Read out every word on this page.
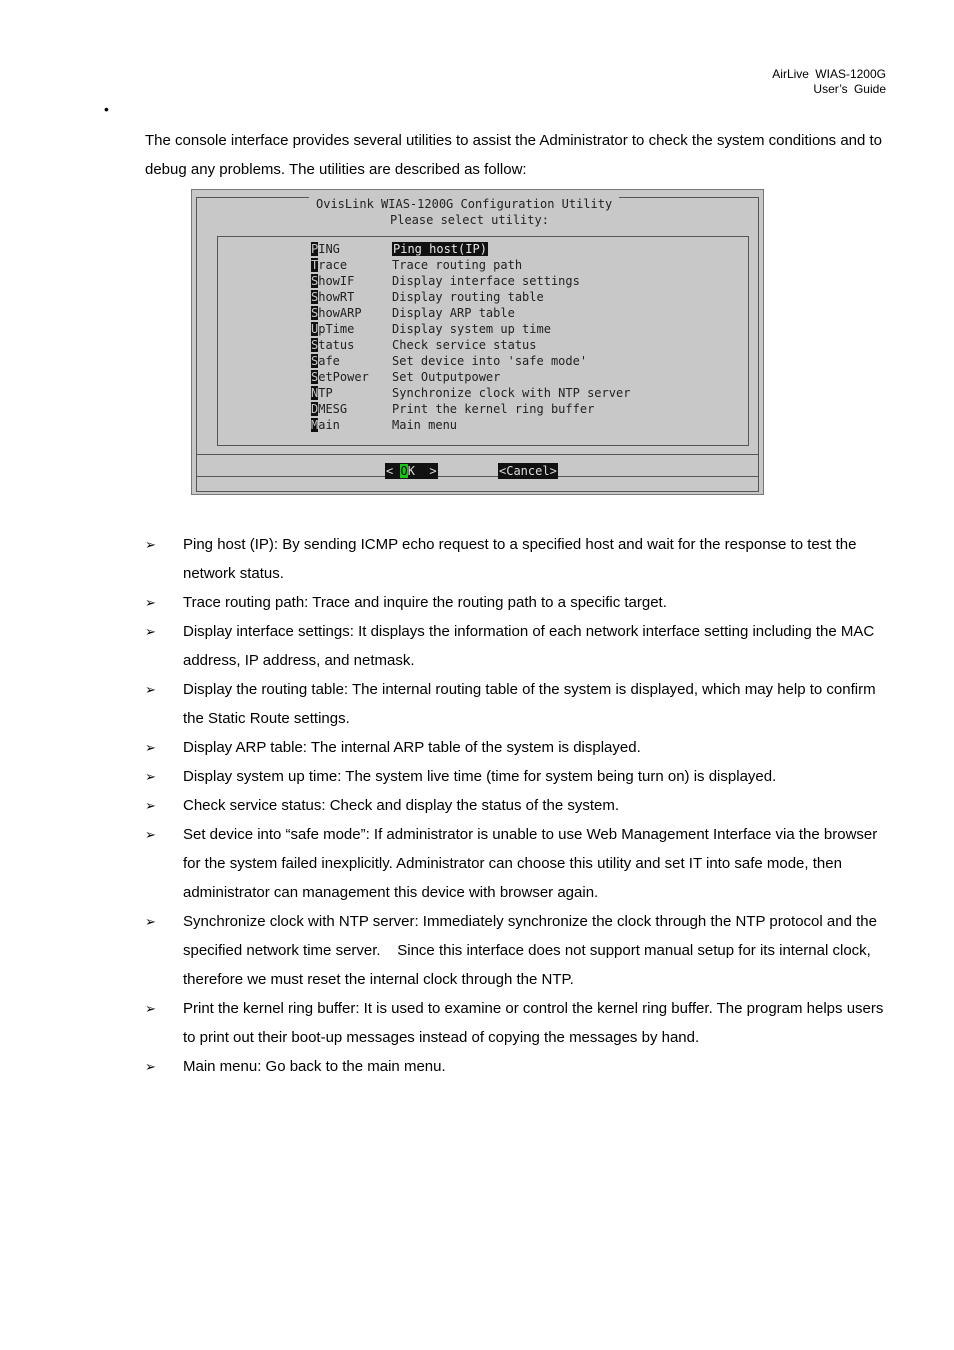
AirLive WIAS-1200G
User’s Guide
•

The console interface provides several utilities to assist the Administrator to check the system conditions and to debug any problems. The utilities are described as follow:

OvisLink WIAS-1200G Configuration Utility
Please select utility:
PING	Ping host(IP)
Trace	Trace routing path
ShowIF	Display interface settings
ShowRT	Display routing table
ShowARP	Display ARP table
UpTime	Display system up time
Status	Check service status
Safe	Set device into 'safe mode'
SetPower Set Outputpower
NTP	Synchronize clock with NTP server
DMESG	Print the kernel ring buffer
Main	Main menu
< OK  >	<Cancel>
➢ Ping host (IP): By sending ICMP echo request to a specified host and wait for the response to test the network status.
➢ Trace routing path: Trace and inquire the routing path to a specific target.
➢ Display interface settings: It displays the information of each network interface setting including the MAC address, IP address, and netmask.
➢ Display the routing table: The internal routing table of the system is displayed, which may help to confirm the Static Route settings.
➢ Display ARP table: The internal ARP table of the system is displayed.
➢ Display system up time: The system live time (time for system being turn on) is displayed.
➢ Check service status: Check and display the status of the system.
➢ Set device into “safe mode”: If administrator is unable to use Web Management Interface via the browser for the system failed inexplicitly. Administrator can choose this utility and set IT into safe mode, then administrator can management this device with browser again.
➢ Synchronize clock with NTP server: Immediately synchronize the clock through the NTP protocol and the specified network time server.    Since this interface does not support manual setup for its internal clock, therefore we must reset the internal clock through the NTP.
➢ Print the kernel ring buffer: It is used to examine or control the kernel ring buffer. The program helps users to print out their boot-up messages instead of copying the messages by hand.
➢ Main menu: Go back to the main menu.
